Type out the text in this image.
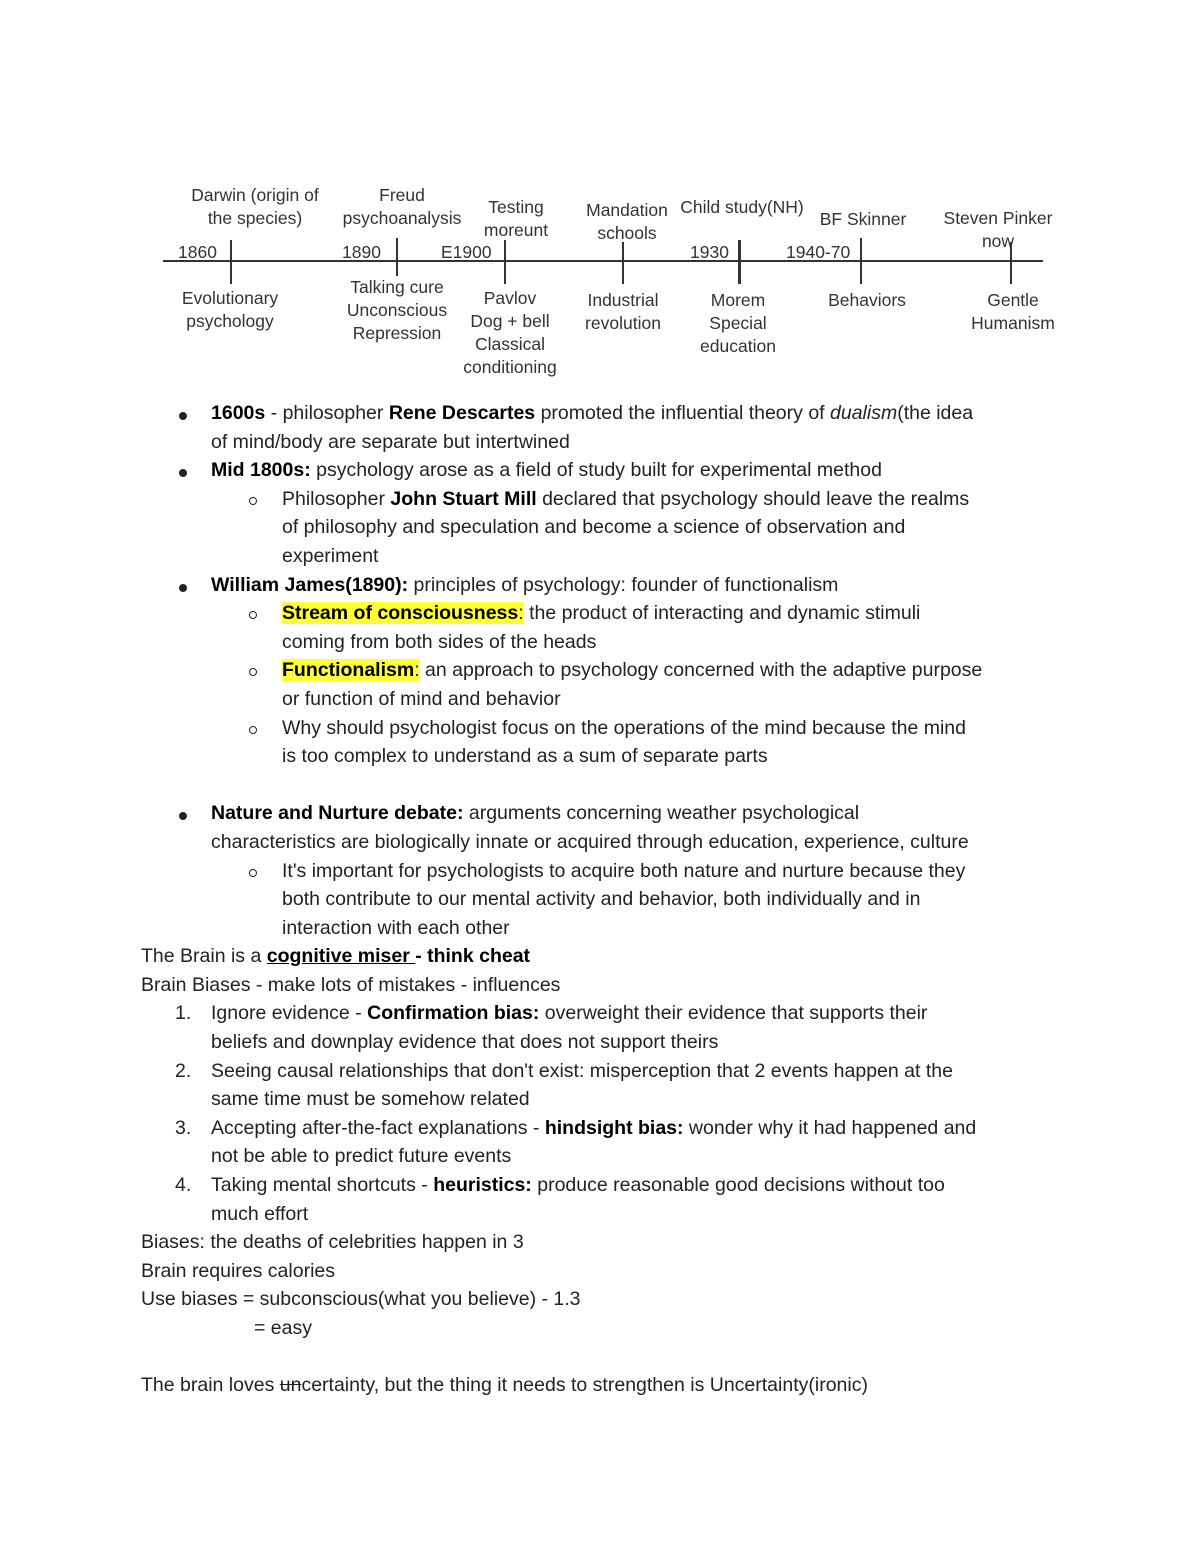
Darwin (origin of
the species)
1860
Evolutionary
psychology
Freud
psychoanalysis
1890
Talking cure
Unconscious
Repression
Testing
moreunt
E1900
Pavlov
Dog + bell
Classical
conditioning
Mandation
schools
Industrial
revolution
Child study(NH)
1930
Morem
Special
education
BF Skinner
1940-70
Behaviors
Steven Pinker
now
Gentle
Humanism
1600s - philosopher Rene Descartes promoted the influential theory of dualism(the idea
of mind/body are separate but intertwined
Mid 1800s: psychology arose as a field of study built for experimental method
Philosopher John Stuart Mill declared that psychology should leave the realms
of philosophy and speculation and become a science of observation and
experiment
William James(1890): principles of psychology: founder of functionalism
Stream of consciousness: the product of interacting and dynamic stimuli
coming from both sides of the heads
Functionalism: an approach to psychology concerned with the adaptive purpose
or function of mind and behavior
Why should psychologist focus on the operations of the mind because the mind
is too complex to understand as a sum of separate parts
Nature and Nurture debate: arguments concerning weather psychological
characteristics are biologically innate or acquired through education, experience, culture
It's important for psychologists to acquire both nature and nurture because they
both contribute to our mental activity and behavior, both individually and in
interaction with each other
The Brain is a cognitive miser - think cheat
Brain Biases - make lots of mistakes - influences
1. Ignore evidence - Confirmation bias: overweight their evidence that supports their
beliefs and downplay evidence that does not support theirs
2. Seeing causal relationships that don't exist: misperception that 2 events happen at the
same time must be somehow related
3. Accepting after-the-fact explanations - hindsight bias: wonder why it had happened and
not be able to predict future events
4. Taking mental shortcuts - heuristics: produce reasonable good decisions without too
much effort
Biases: the deaths of celebrities happen in 3
Brain requires calories
Use biases = subconscious(what you believe) - 1.3
= easy
The brain loves uncertainty, but the thing it needs to strengthen is Uncertainty(ironic)
